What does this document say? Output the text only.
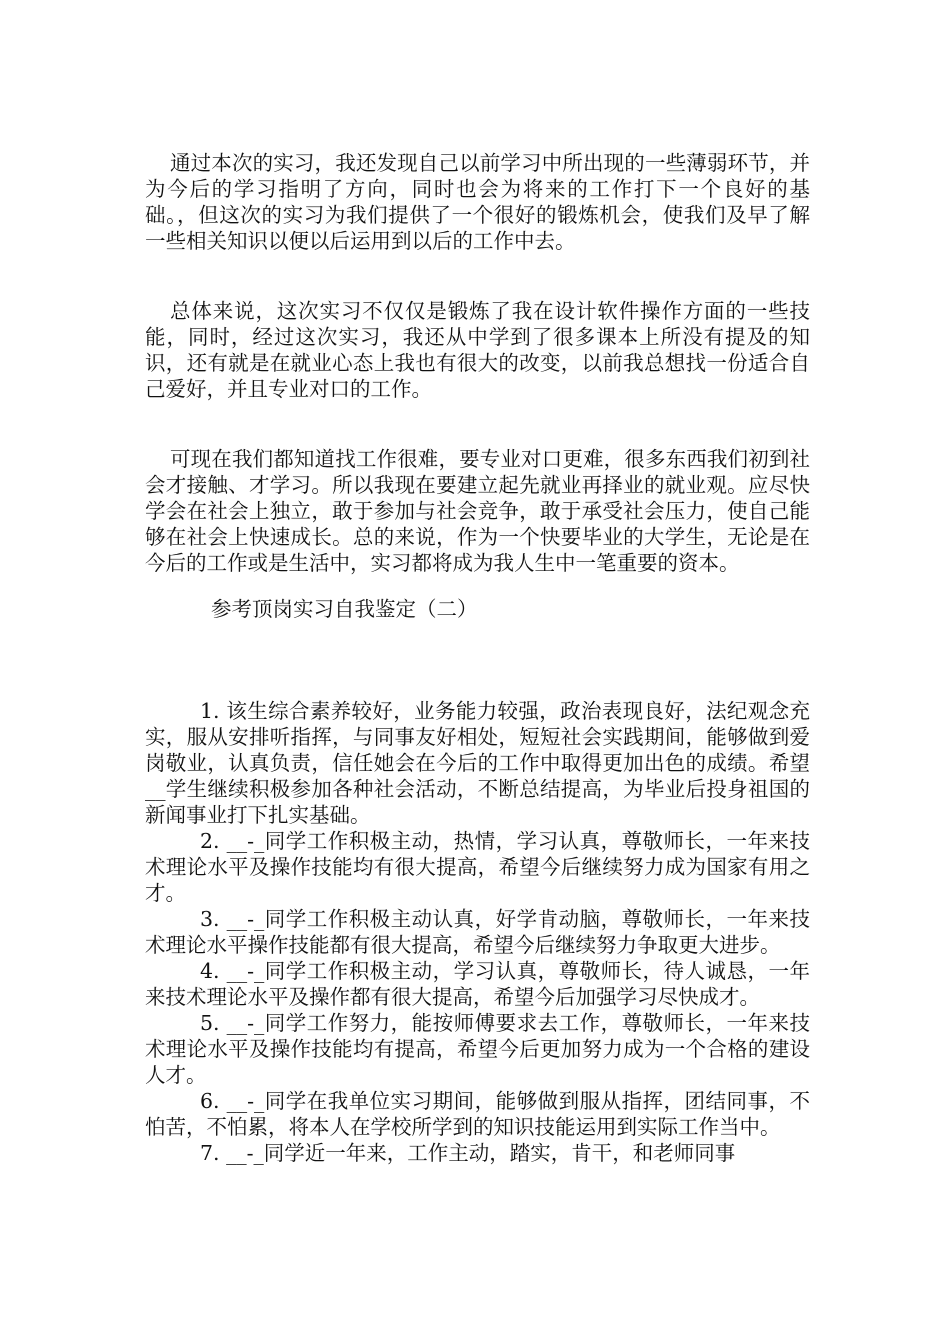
通过本次的实习，我还发现自己以前学习中所出现的一些薄弱环节，并为今后的学习指明了方向，同时也会为将来的工作打下一个良好的基础。，但这次的实习为我们提供了一个很好的锻炼机会，使我们及早了解一些相关知识以便以后运用到以后的工作中去。

总体来说，这次实习不仅仅是锻炼了我在设计软件操作方面的一些技能，同时，经过这次实习，我还从中学到了很多课本上所没有提及的知识，还有就是在就业心态上我也有很大的改变，以前我总想找一份适合自己爱好，并且专业对口的工作。

可现在我们都知道找工作很难，要专业对口更难，很多东西我们初到社会才接触、才学习。所以我现在要建立起先就业再择业的就业观。应尽快学会在社会上独立，敢于参加与社会竞争，敢于承受社会压力，使自己能够在社会上快速成长。总的来说，作为一个快要毕业的大学生，无论是在今后的工作或是生活中，实习都将成为我人生中一笔重要的资本。

参考顶岗实习自我鉴定（二）

1. 该生综合素养较好，业务能力较强，政治表现良好，法纪观念充实，服从安排听指挥，与同事友好相处，短短社会实践期间，能够做到爱岗敬业，认真负责，信任她会在今后的工作中取得更加出色的成绩。希望__学生继续积极参加各种社会活动，不断总结提高，为毕业后投身祖国的新闻事业打下扎实基础。

2. __-_同学工作积极主动，热情，学习认真，尊敬师长，一年来技术理论水平及操作技能均有很大提高，希望今后继续努力成为国家有用之才。

3. __-_同学工作积极主动认真，好学肯动脑，尊敬师长，一年来技术理论水平操作技能都有很大提高，希望今后继续努力争取更大进步。

4. __-_同学工作积极主动，学习认真，尊敬师长，待人诚恳，一年来技术理论水平及操作都有很大提高，希望今后加强学习尽快成才。

5. __-_同学工作努力，能按师傅要求去工作，尊敬师长，一年来技术理论水平及操作技能均有提高，希望今后更加努力成为一个合格的建设人才。

6. __-_同学在我单位实习期间，能够做到服从指挥，团结同事，不怕苦，不怕累，将本人在学校所学到的知识技能运用到实际工作当中。

7. __-_同学近一年来，工作主动，踏实，肯干，和老师同事
